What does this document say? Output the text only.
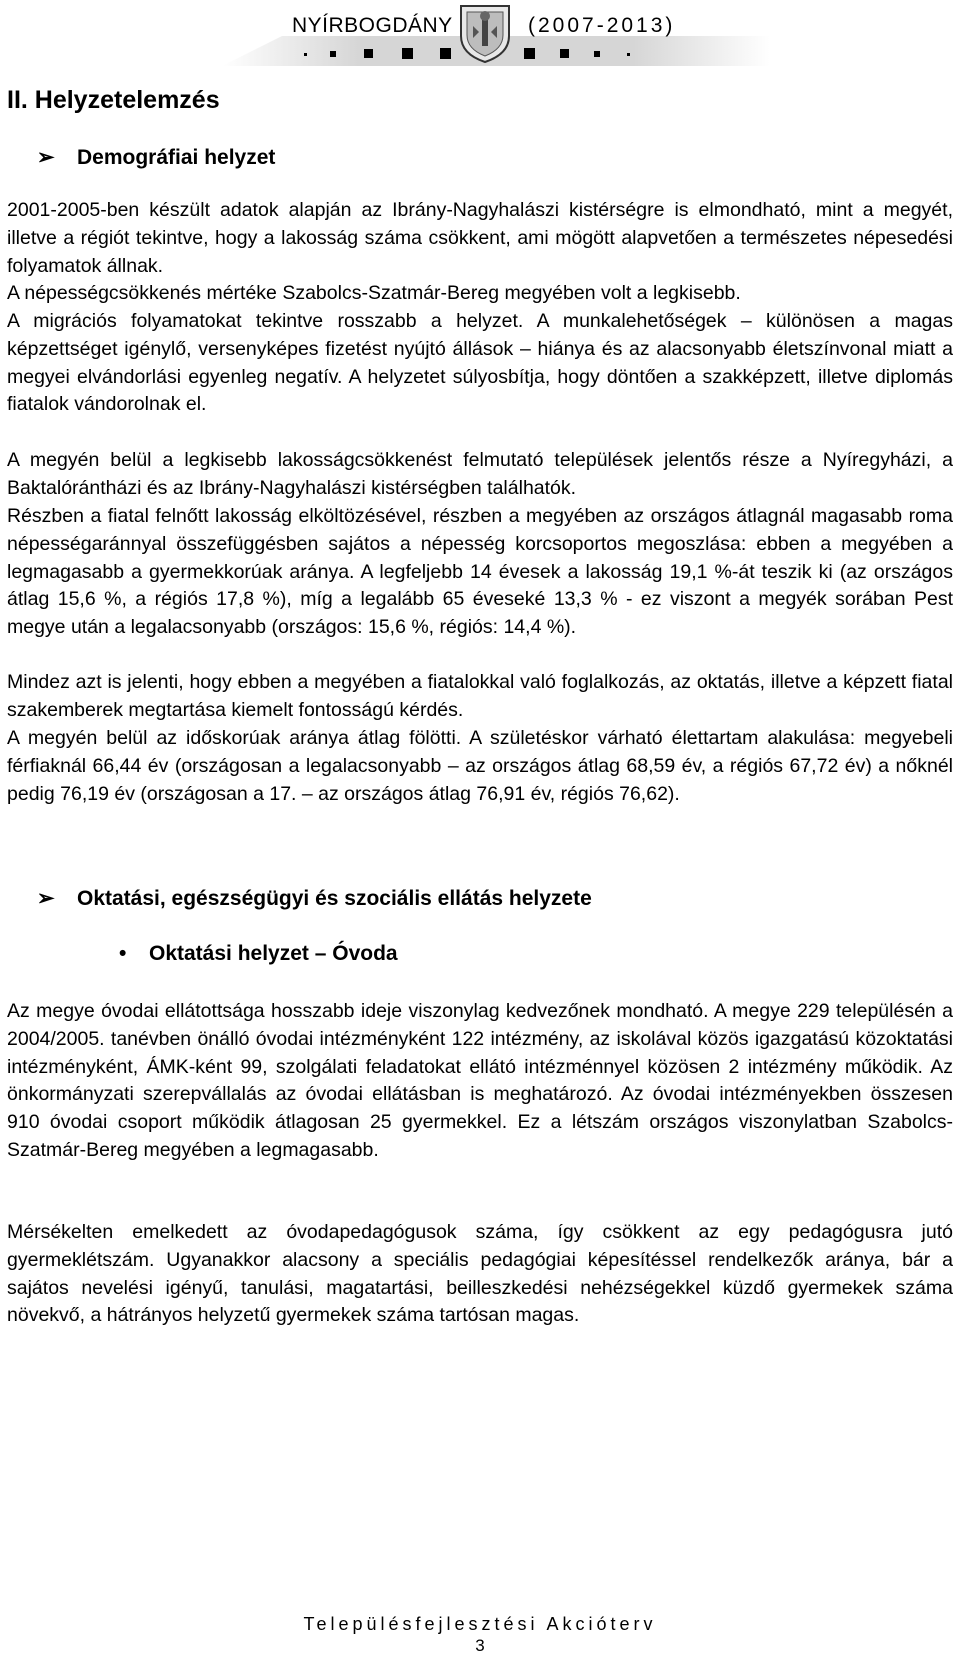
NYÍRBOGDÁNY	(2007-2013)
II. Helyzetelemzés
➢ Demográfiai helyzet
2001-2005-ben készült adatok alapján az Ibrány-Nagyhalászi kistérségre is elmondható, mint a megyét, illetve a régiót tekintve, hogy a lakosság száma csökkent, ami mögött alapvetően a természetes népesedési folyamatok állnak.
A népességcsökkenés mértéke Szabolcs-Szatmár-Bereg megyében volt a legkisebb.
A migrációs folyamatokat tekintve rosszabb a helyzet. A munkalehetőségek – különösen a magas képzettséget igénylő, versenyképes fizetést nyújtó állások – hiánya és az alacsonyabb életszínvonal miatt a megyei elvándorlási egyenleg negatív. A helyzetet súlyosbítja, hogy döntően a szakképzett, illetve diplomás fiatalok vándorolnak el.
A megyén belül a legkisebb lakosságcsökkenést felmutató települések jelentős része a Nyíregyházi, a Baktalórántházi és az Ibrány-Nagyhalászi kistérségben találhatók.
Részben a fiatal felnőtt lakosság elköltözésével, részben a megyében az országos átlagnál magasabb roma népességaránnyal összefüggésben sajátos a népesség korcsoportos megoszlása: ebben a megyében a legmagasabb a gyermekkorúak aránya. A legfeljebb 14 évesek a lakosság 19,1 %-át teszik ki (az országos átlag 15,6 %, a régiós 17,8 %), míg a legalább 65 éveseké 13,3 % - ez viszont a megyék sorában Pest megye után a legalacsonyabb (országos: 15,6 %, régiós: 14,4 %).
Mindez azt is jelenti, hogy ebben a megyében a fiatalokkal való foglalkozás, az oktatás, illetve a képzett fiatal szakemberek megtartása kiemelt fontosságú kérdés.
A megyén belül az időskorúak aránya átlag fölötti. A születéskor várható élettartam alakulása: megyebeli férfiaknál 66,44 év (országosan a legalacsonyabb – az országos átlag 68,59 év, a régiós 67,72 év) a nőknél pedig 76,19 év (országosan a 17. – az országos átlag 76,91 év, régiós 76,62).
➢ Oktatási, egészségügyi és szociális ellátás helyzete
• Oktatási helyzet – Óvoda
Az megye óvodai ellátottsága hosszabb ideje viszonylag kedvezőnek mondható. A megye 229 településén a 2004/2005. tanévben önálló óvodai intézményként 122 intézmény, az iskolával közös igazgatású közoktatási intézményként, ÁMK-ként 99, szolgálati feladatokat ellátó intézménnyel közösen 2 intézmény működik. Az önkormányzati szerepvállalás az óvodai ellátásban is meghatározó. Az óvodai intézményekben összesen 910 óvodai csoport működik átlagosan 25 gyermekkel. Ez a létszám országos viszonylatban Szabolcs-Szatmár-Bereg megyében a legmagasabb.
Mérsékelten emelkedett az óvodapedagógusok száma, így csökkent az egy pedagógusra jutó gyermeklétszám. Ugyanakkor alacsony a speciális pedagógiai képesítéssel rendelkezők aránya, bár a sajátos nevelési igényű, tanulási, magatartási, beilleszkedési nehézségekkel küzdő gyermekek száma növekvő, a hátrányos helyzetű gyermekek száma tartósan magas.
Településfejlesztési Akcióterv
3
